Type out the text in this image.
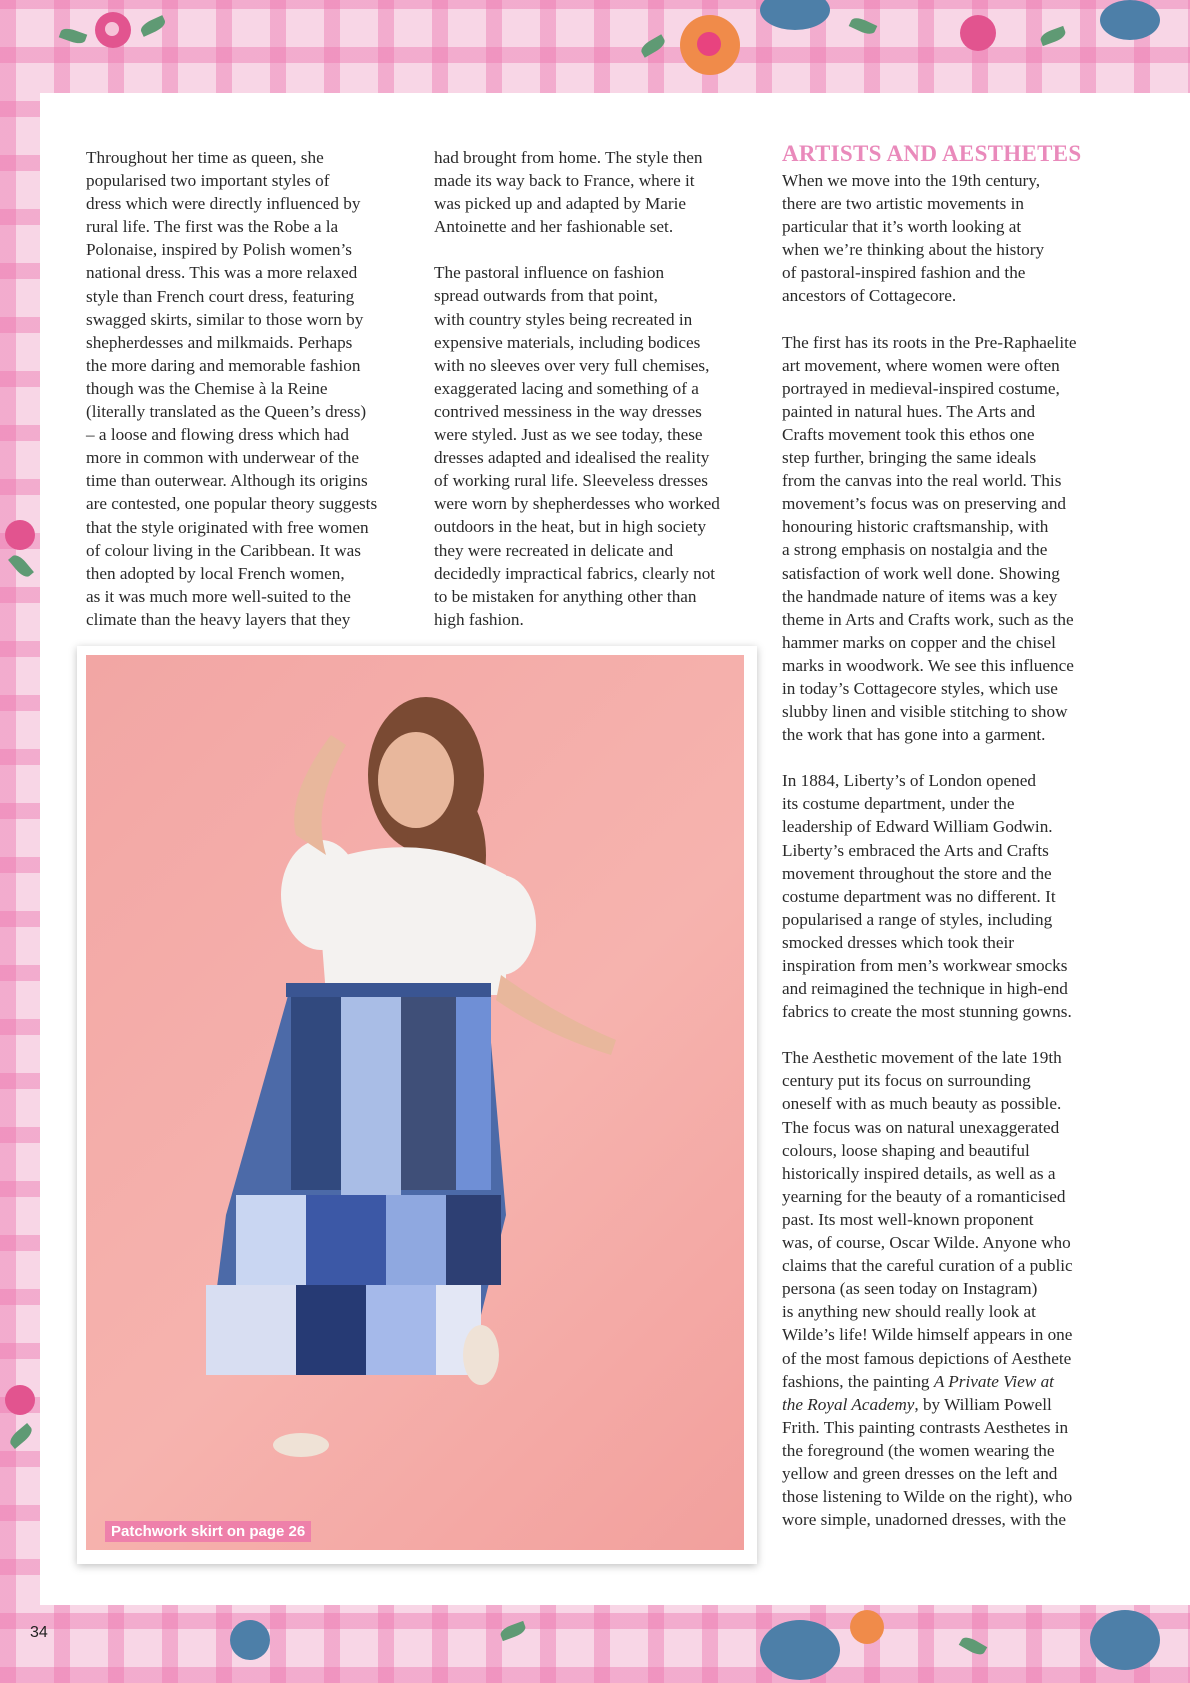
Throughout her time as queen, she
popularised two important styles of
dress which were directly influenced by
rural life. The first was the Robe a la
Polonaise, inspired by Polish women’s
national dress. This was a more relaxed
style than French court dress, featuring
swagged skirts, similar to those worn by
shepherdesses and milkmaids. Perhaps
the more daring and memorable fashion
though was the Chemise à la Reine
(literally translated as the Queen’s dress)
– a loose and flowing dress which had
more in common with underwear of the
time than outerwear. Although its origins
are contested, one popular theory suggests
that the style originated with free women
of colour living in the Caribbean. It was
then adopted by local French women,
as it was much more well-suited to the
climate than the heavy layers that they

had brought from home. The style then
made its way back to France, where it
was picked up and adapted by Marie
Antoinette and her fashionable set.

The pastoral influence on fashion
spread outwards from that point,
with country styles being recreated in
expensive materials, including bodices
with no sleeves over very full chemises,
exaggerated lacing and something of a
contrived messiness in the way dresses
were styled. Just as we see today, these
dresses adapted and idealised the reality
of working rural life. Sleeveless dresses
were worn by shepherdesses who worked
outdoors in the heat, but in high society
they were recreated in delicate and
decidedly impractical fabrics, clearly not
to be mistaken for anything other than
high fashion.

ARTISTS AND AESTHETES

When we move into the 19th century,
there are two artistic movements in
particular that it’s worth looking at
when we’re thinking about the history
of pastoral-inspired fashion and the
ancestors of Cottagecore.

The first has its roots in the Pre-Raphaelite
art movement, where women were often
portrayed in medieval-inspired costume,
painted in natural hues. The Arts and
Crafts movement took this ethos one
step further, bringing the same ideals
from the canvas into the real world. This
movement’s focus was on preserving and
honouring historic craftsmanship, with
a strong emphasis on nostalgia and the
satisfaction of work well done. Showing
the handmade nature of items was a key
theme in Arts and Crafts work, such as the
hammer marks on copper and the chisel
marks in woodwork. We see this influence
in today’s Cottagecore styles, which use
slubby linen and visible stitching to show
the work that has gone into a garment.

In 1884, Liberty’s of London opened
its costume department, under the
leadership of Edward William Godwin.
Liberty’s embraced the Arts and Crafts
movement throughout the store and the
costume department was no different. It
popularised a range of styles, including
smocked dresses which took their
inspiration from men’s workwear smocks
and reimagined the technique in high-end
fabrics to create the most stunning gowns.

The Aesthetic movement of the late 19th
century put its focus on surrounding
oneself with as much beauty as possible.
The focus was on natural unexaggerated
colours, loose shaping and beautiful
historically inspired details, as well as a
yearning for the beauty of a romanticised
past. Its most well-known proponent
was, of course, Oscar Wilde. Anyone who
claims that the careful curation of a public
persona (as seen today on Instagram)
is anything new should really look at
Wilde’s life! Wilde himself appears in one
of the most famous depictions of Aesthete
fashions, the painting A Private View at
the Royal Academy, by William Powell
Frith. This painting contrasts Aesthetes in
the foreground (the women wearing the
yellow and green dresses on the left and
those listening to Wilde on the right), who
wore simple, unadorned dresses, with the

Patchwork skirt on page 26
34
